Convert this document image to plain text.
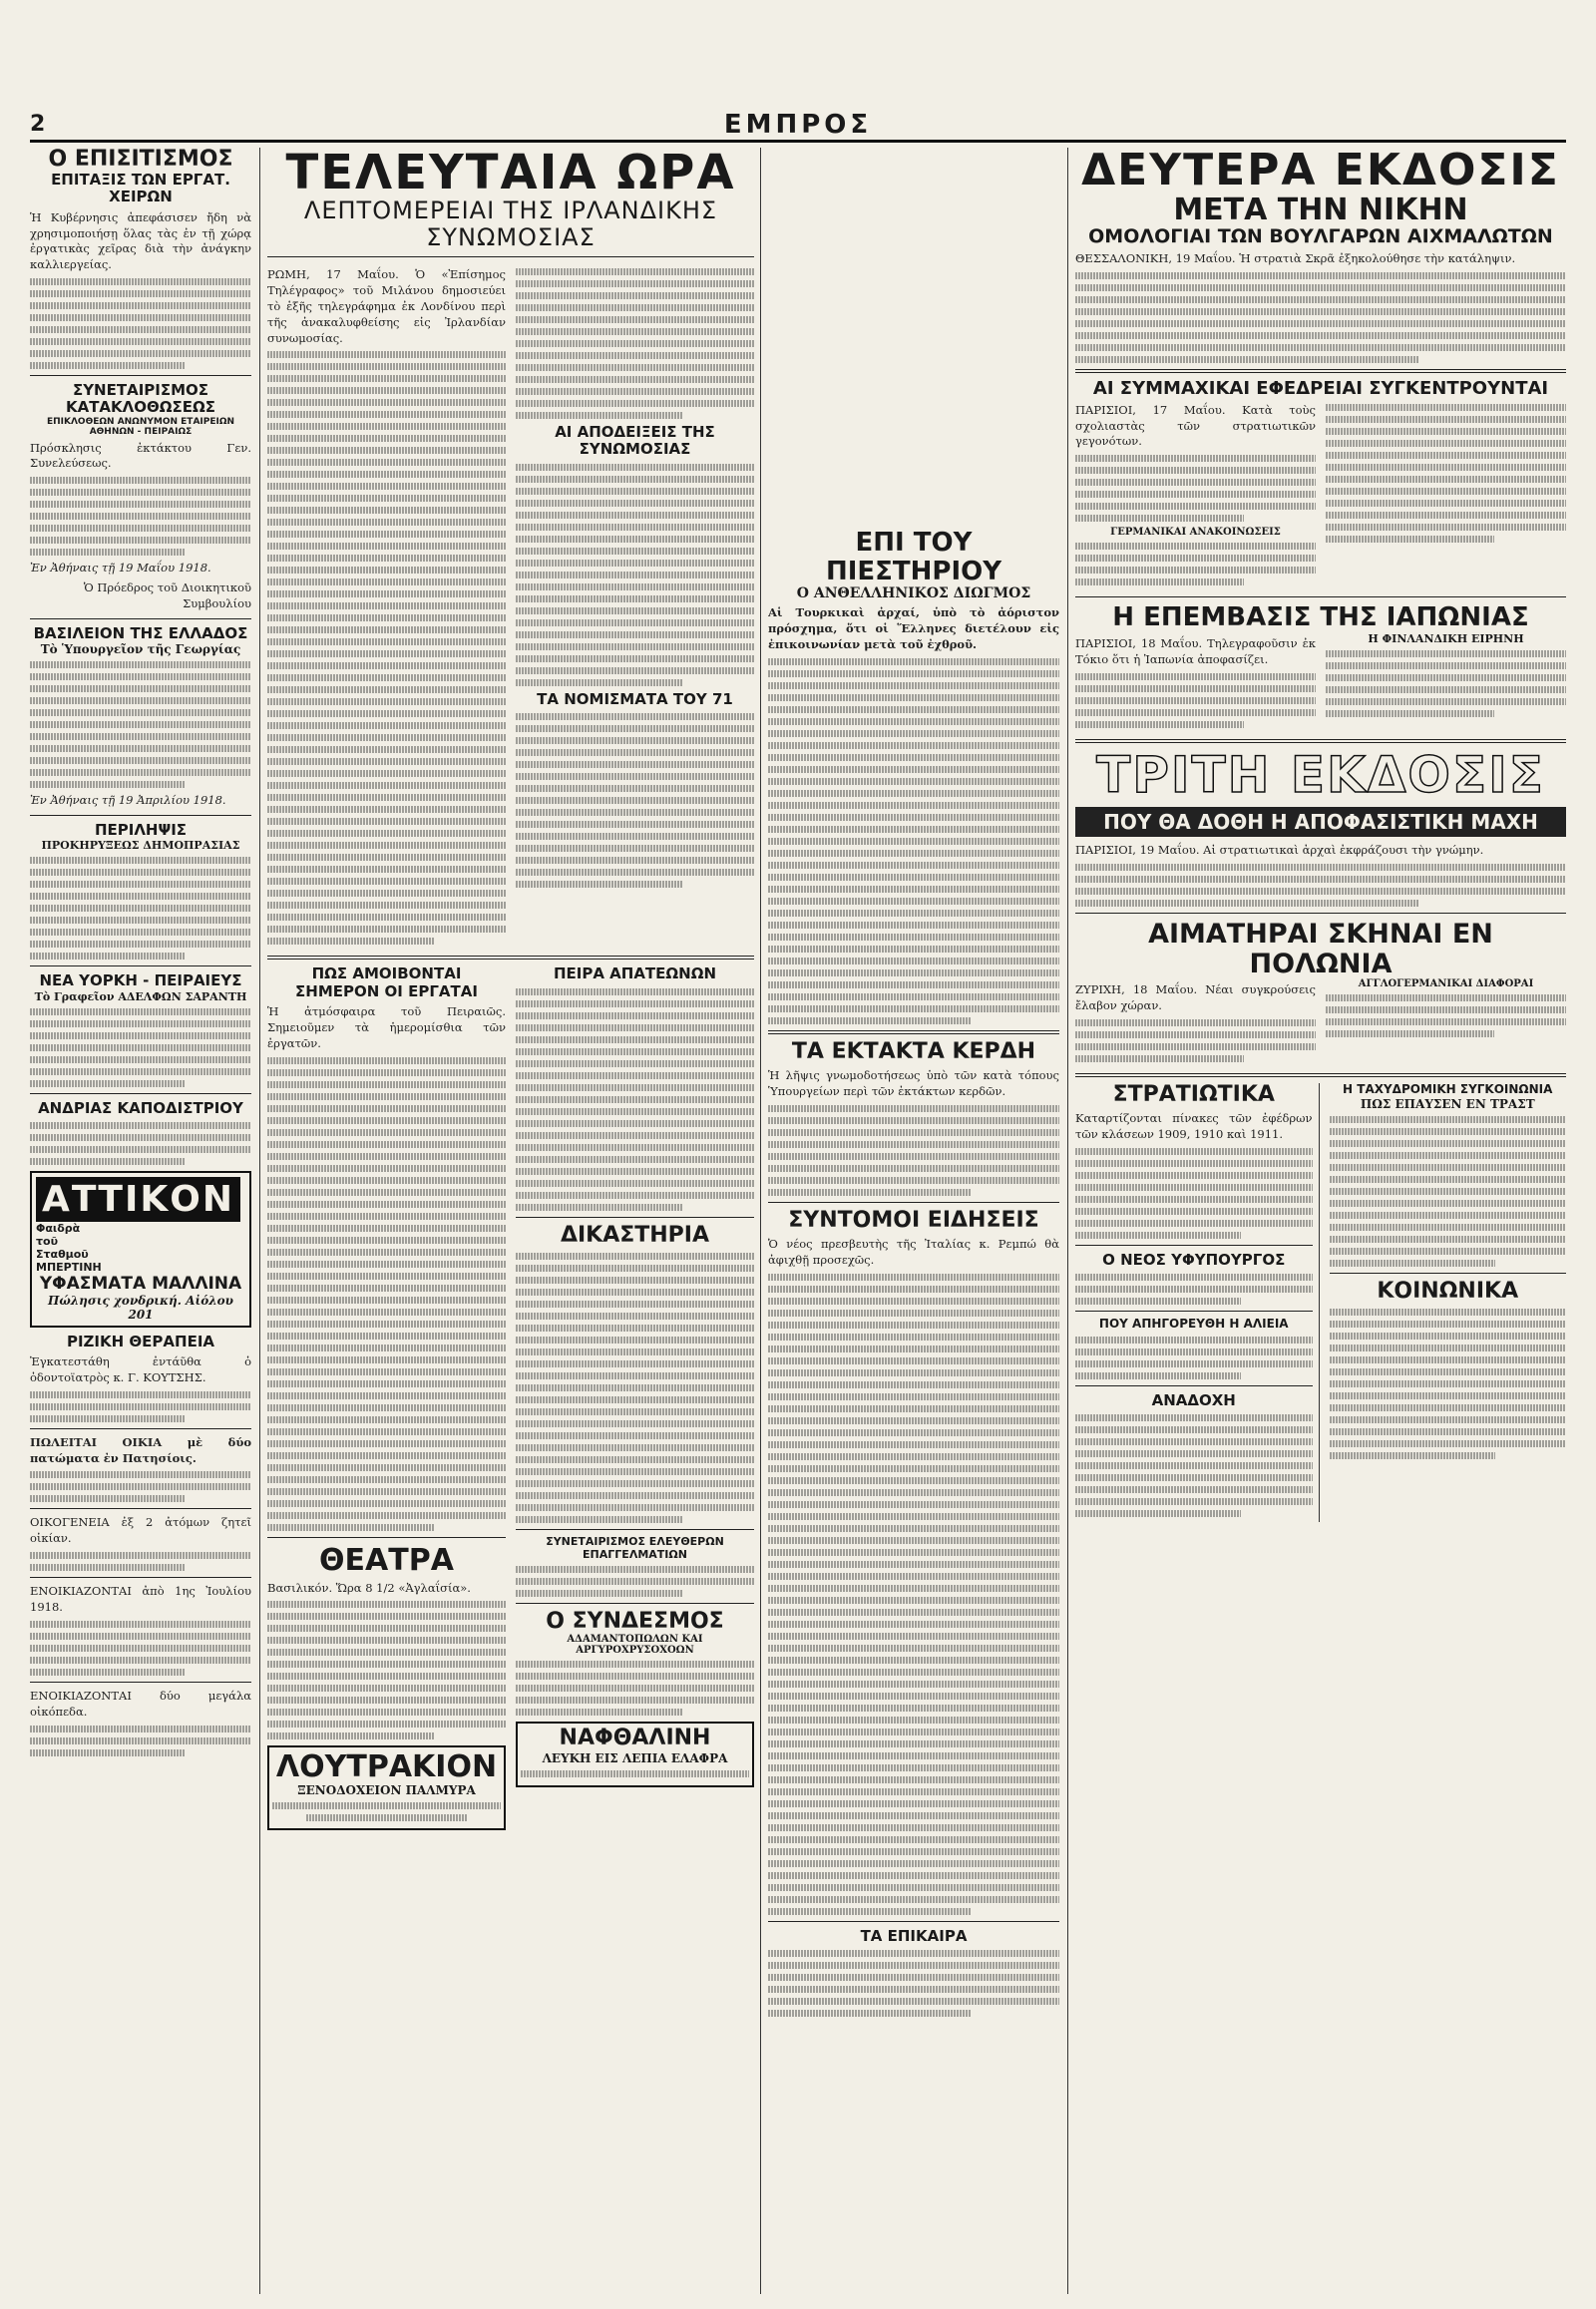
2	ΕΜΠΡΟΣ
Ο ΕΠΙΣΙΤΙΣΜΟΣ
ΕΠΙΤΑΞΙΣ ΤΩΝ ΕΡΓΑΤ. ΧΕΙΡΩΝ

Ἡ Κυβέρνησις ἀπεφάσισεν ἤδη νὰ χρησιμοποιήσῃ ὅλας τὰς ἐν τῇ χώρᾳ ἐργατικὰς χεῖρας διὰ τὴν ἀνάγκην καλλιεργείας.

ΣΥΝΕΤΑΙΡΙΣΜΟΣ ΚΑΤΑΚΛΟΘΩΣΕΩΣ
ΕΠΙΚΛΟΘΕΩΝ ΑΝΩΝΥΜΟΝ ΕΤΑΙΡΕΙΩΝ ΑΘΗΝΩΝ - ΠΕΙΡΑΙΩΣ

Πρόσκλησις ἐκτάκτου Γεν. Συνελεύσεως.

Ἐν Ἀθήναις τῇ 19 Μαΐου 1918.

Ὁ Πρόεδρος τοῦ Διοικητικοῦ Συμβουλίου

ΒΑΣΙΛΕΙΟΝ ΤΗΣ ΕΛΛΑΔΟΣ
Τὸ Ὑπουργεῖον τῆς Γεωργίας

Ἐν Ἀθήναις τῇ 19 Ἀπριλίου 1918.

ΠΕΡΙΛΗΨΙΣ
ΠΡΟΚΗΡΥΞΕΩΣ ΔΗΜΟΠΡΑΣΙΑΣ
ΝΕΑ ΥΟΡΚΗ - ΠΕΙΡΑΙΕΥΣ
Τὸ Γραφεῖον ΑΔΕΛΦΩΝ ΣΑΡΑΝΤΗ
ΑΝΔΡΙΑΣ ΚΑΠΟΔΙΣΤΡΙΟΥ
ΑΤΤΙΚΟΝ Φαιδρὰ τοῦ Σταθμοῦ ΜΠΕΡΤΙΝΗ
ΥΦΑΣΜΑΤΑ ΜΑΛΛΙΝΑ
Πώλησις χονδρική. Αἰόλου 201
ΡΙΖΙΚΗ ΘΕΡΑΠΕΙΑ

Ἐγκατεστάθη ἐντάῦθα ὁ ὀδοντοϊατρὸς κ. Γ. ΚΟΥΤΣΗΣ.

ΠΩΛΕΙΤΑΙ ΟΙΚΙΑ μὲ δύο πατώματα ἐν Πατησίοις.

ΟΙΚΟΓΕΝΕΙΑ ἐξ 2 ἀτόμων ζητεῖ οἰκίαν.

ΕΝΟΙΚΙΑΖΟΝΤΑΙ ἀπὸ 1ης Ἰουλίου 1918.

ΕΝΟΙΚΙΑΖΟΝΤΑΙ δύο μεγάλα οἰκόπεδα.

ΤΕΛΕΥΤΑΙΑ ΩΡΑ
ΛΕΠΤΟΜΕΡΕΙΑΙ ΤΗΣ ΙΡΛΑΝΔΙΚΗΣ ΣΥΝΩΜΟΣΙΑΣ

ΡΩΜΗ, 17 Μαΐου. Ὁ «Ἐπίσημος Τηλέγραφος» τοῦ Μιλάνου δημοσιεύει τὸ ἑξῆς τηλεγράφημα ἐκ Λονδίνου περὶ τῆς ἀνακαλυφθείσης εἰς Ἰρλανδίαν συνωμοσίας.

ΑΙ ΑΠΟΔΕΙΞΕΙΣ ΤΗΣ ΣΥΝΩΜΟΣΙΑΣ
ΤΑ ΝΟΜΙΣΜΑΤΑ ΤΟΥ 71
ΠΩΣ ΑΜΟΙΒΟΝΤΑΙ ΣΗΜΕΡΟΝ ΟΙ ΕΡΓΑΤΑΙ

Ἡ ἀτμόσφαιρα τοῦ Πειραιῶς. Σημειοῦμεν τὰ ἡμερομίσθια τῶν ἐργατῶν.

ΘΕΑΤΡΑ

Βασιλικόν. Ὥρα 8 1/2 «Ἀγλαΐσία».

ΛΟΥΤΡΑΚΙΟΝ
ΞΕΝΟΔΟΧΕΙΟΝ ΠΑΛΜΥΡΑ
ΠΕΙΡΑ ΑΠΑΤΕΩΝΩΝ
ΔΙΚΑΣΤΗΡΙΑ
ΣΥΝΕΤΑΙΡΙΣΜΟΣ ΕΛΕΥΘΕΡΩΝ ΕΠΑΓΓΕΛΜΑΤΙΩΝ
Ο ΣΥΝΔΕΣΜΟΣ
ΑΔΑΜΑΝΤΟΠΩΛΩΝ ΚΑΙ ΑΡΓΥΡΟΧΡΥΣΟΧΟΩΝ
ΝΑΦΘΑΛΙΝΗ
ΛΕΥΚΗ ΕΙΣ ΛΕΠΙΑ ΕΛΑΦΡΑ
ΕΠΙ ΤΟΥ ΠΙΕΣΤΗΡΙΟΥ
Ο ΑΝΘΕΛΛΗΝΙΚΟΣ ΔΙΩΓΜΟΣ

Αἱ Τουρκικαὶ ἀρχαί, ὑπὸ τὸ ἀόριστον πρόσχημα, ὅτι οἱ Ἕλληνες διετέλουν εἰς ἐπικοινωνίαν μετὰ τοῦ ἐχθροῦ.

ΤΑ ΕΚΤΑΚΤΑ ΚΕΡΔΗ

Ἡ λῆψις γνωμοδοτήσεως ὑπὸ τῶν κατὰ τόπους Ὑπουργείων περὶ τῶν ἐκτάκτων κερδῶν.

ΣΥΝΤΟΜΟΙ ΕΙΔΗΣΕΙΣ

Ὁ νέος πρεσβευτὴς τῆς Ἰταλίας κ. Ρεμπώ θὰ ἀφιχθῇ προσεχῶς.

ΤΑ ΕΠΙΚΑΙΡΑ
ΔΕΥΤΕΡΑ ΕΚΔΟΣΙΣ
ΜΕΤΑ ΤΗΝ ΝΙΚΗΝ
ΟΜΟΛΟΓΙΑΙ ΤΩΝ ΒΟΥΛΓΑΡΩΝ ΑΙΧΜΑΛΩΤΩΝ

ΘΕΣΣΑΛΟΝΙΚΗ, 19 Μαΐου. Ἡ στρατιὰ Σκρᾶ ἐξηκολούθησε τὴν κατάληψιν.

ΑΙ ΣΥΜΜΑΧΙΚΑΙ ΕΦΕΔΡΕΙΑΙ ΣΥΓΚΕΝΤΡΟΥΝΤΑΙ

ΠΑΡΙΣΙΟΙ, 17 Μαΐου. Κατὰ τοὺς σχολιαστὰς τῶν στρατιωτικῶν γεγονότων.

ΓΕΡΜΑΝΙΚΑΙ ΑΝΑΚΟΙΝΩΣΕΙΣ
Η ΕΠΕΜΒΑΣΙΣ ΤΗΣ ΙΑΠΩΝΙΑΣ

ΠΑΡΙΣΙΟΙ, 18 Μαΐου. Τηλεγραφοῦσιν ἐκ Τόκιο ὅτι ἡ Ἰαπωνία ἀποφασίζει.

Η ΦΙΝΛΑΝΔΙΚΗ ΕΙΡΗΝΗ
ΤΡΙΤΗ ΕΚΔΟΣΙΣ
ΠΟΥ ΘΑ ΔΟΘΗ Η ΑΠΟΦΑΣΙΣΤΙΚΗ ΜΑΧΗ

ΠΑΡΙΣΙΟΙ, 19 Μαΐου. Αἱ στρατιωτικαὶ ἀρχαὶ ἐκφράζουσι τὴν γνώμην.

ΑΙΜΑΤΗΡΑΙ ΣΚΗΝΑΙ ΕΝ ΠΟΛΩΝΙΑ

ΖΥΡΙΧΗ, 18 Μαΐου. Νέαι συγκρούσεις ἔλαβον χώραν.

ΑΓΓΛΟΓΕΡΜΑΝΙΚΑΙ ΔΙΑΦΟΡΑΙ
ΣΤΡΑΤΙΩΤΙΚΑ

Καταρτίζονται πίνακες τῶν ἐφέδρων τῶν κλάσεων 1909, 1910 καὶ 1911.

Ο ΝΕΟΣ ΥΦΥΠΟΥΡΓΟΣ
ΠΟΥ ΑΠΗΓΟΡΕΥΘΗ Η ΑΛΙΕΙΑ
ΑΝΑΔΟΧΗ
Η ΤΑΧΥΔΡΟΜΙΚΗ ΣΥΓΚΟΙΝΩΝΙΑ
ΠΩΣ ΕΠΑΥΣΕΝ ΕΝ ΤΡΑΣΤ
ΚΟΙΝΩΝΙΚΑ
